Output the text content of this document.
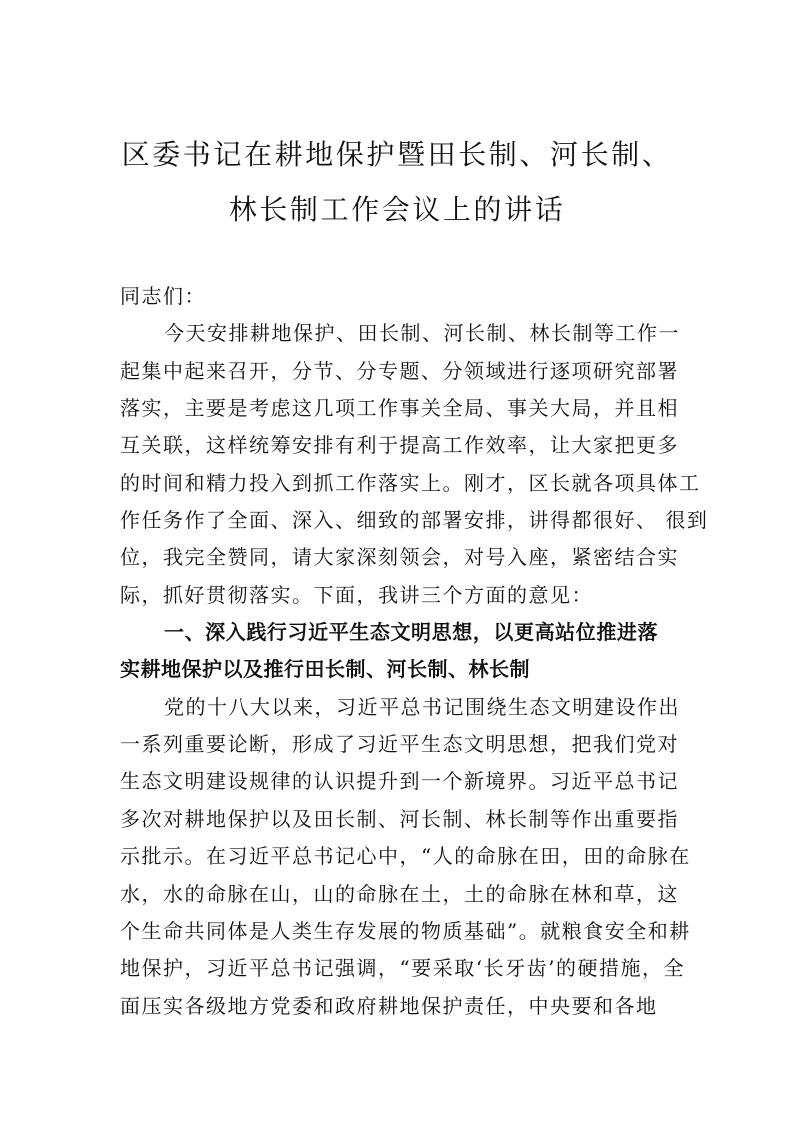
区委书记在耕地保护暨田长制、河长制、
林长制工作会议上的讲话
同志们：
今天安排耕地保护、田长制、河长制、林长制等工作一
起集中起来召开，分节、分专题、分领域进行逐项研究部署
落实，主要是考虑这几项工作事关全局、事关大局，并且相
互关联，这样统筹安排有利于提高工作效率，让大家把更多
的时间和精力投入到抓工作落实上。刚才，区长就各项具体工
作任务作了全面、深入、细致的部署安排，讲得都很好、 很到
位，我完全赞同，请大家深刻领会，对号入座，紧密结合实
际，抓好贯彻落实。下面，我讲三个方面的意见：
一、深入践行习近平生态文明思想，以更高站位推进落
实耕地保护以及推行田长制、河长制、林长制
党的十八大以来，习近平总书记围绕生态文明建设作出
一系列重要论断，形成了习近平生态文明思想，把我们党对
生态文明建设规律的认识提升到一个新境界。习近平总书记
多次对耕地保护以及田长制、河长制、林长制等作出重要指
示批示。在习近平总书记心中，“人的命脉在田，田的命脉在
水，水的命脉在山，山的命脉在土，土的命脉在林和草，这
个生命共同体是人类生存发展的物质基础”。就粮食安全和耕
地保护，习近平总书记强调，“要采取‘长牙齿’的硬措施，全
面压实各级地方党委和政府耕地保护责任，中央要和各地
